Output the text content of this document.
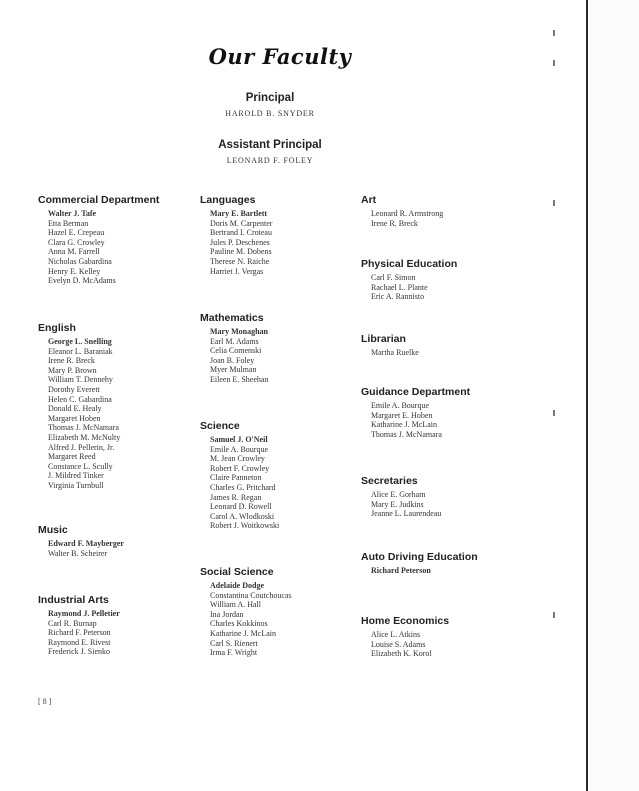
Our Faculty
Principal
HAROLD B. SNYDER
Assistant Principal
LEONARD F. FOLEY
Commercial Department
Walter J. Tafe
Etta Berman
Hazel E. Crepeau
Clara G. Crowley
Anna M. Farrell
Nicholas Gabardina
Henry E. Kelley
Evelyn D. McAdams
English
George L. Snelling
Eleanor L. Baraniak
Irene R. Breck
Mary P. Brown
William T. Dennehy
Dorothy Everett
Helen C. Gabardina
Donald E. Healy
Margaret Hoben
Thomas J. McNamara
Elizabeth M. McNulty
Alfred J. Pellerin, Jr.
Margaret Reed
Constance L. Scully
J. Mildred Tinker
Virginia Turnbull
Music
Edward F. Mayberger
Walter B. Scheirer
Industrial Arts
Raymond J. Pelletier
Carl R. Burnap
Richard F. Peterson
Raymond E. Rivest
Frederick J. Sienko
Languages
Mary E. Bartlett
Doris M. Carpenter
Bertrand I. Croteau
Jules P. Deschenes
Pauline M. Dobens
Therese N. Raiche
Harriet J. Vergas
Mathematics
Mary Monaghan
Earl M. Adams
Celia Comenski
Joan B. Foley
Myer Mulman
Eileen E. Sheehan
Science
Samuel J. O'Neil
Emile A. Bourque
M. Jean Crowley
Robert F. Crowley
Claire Panneton
Charles G. Pritchard
James R. Regan
Leonard D. Rowell
Carol A. Wlodkoski
Robert J. Woitkowski
Social Science
Adelaide Dodge
Constantina Coutchoucas
William A. Hall
Ina Jordan
Charles Kokkinos
Katharine J. McLain
Carl S. Rienert
Irma F. Wright
Art
Leonard R. Armstrong
Irene R. Breck
Physical Education
Carl F. Simon
Rachael L. Plante
Eric A. Rannisto
Librarian
Martha Ruelke
Guidance Department
Emile A. Bourque
Margaret E. Hoben
Katharine J. McLain
Thomas J. McNamara
Secretaries
Alice E. Gorham
Mary E. Judkins
Jeanne L. Laurendeau
Auto Driving Education
Richard Peterson
Home Economics
Alice L. Atkins
Louise S. Adams
Elizabeth K. Korol
[ 8 ]
